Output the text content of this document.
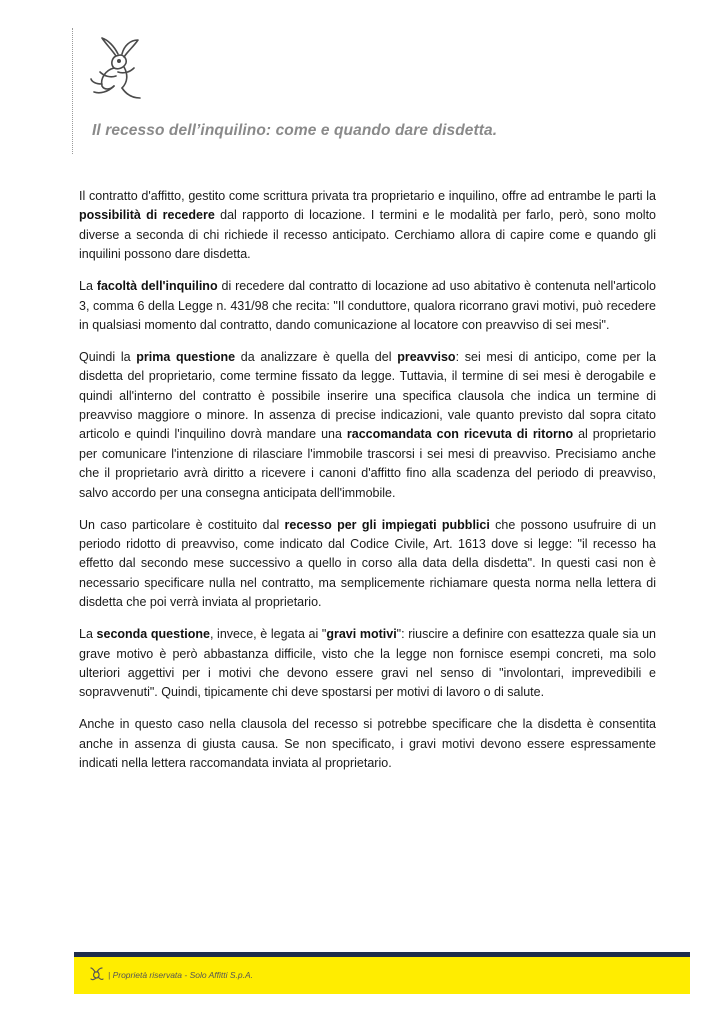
Il recesso dell’inquilino: come e quando dare disdetta.

Il contratto d'affitto, gestito come scrittura privata tra proprietario e inquilino, offre ad entrambe le parti la possibilità di recedere dal rapporto di locazione. I termini e le modalità per farlo, però, sono molto diverse a seconda di chi richiede il recesso anticipato. Cerchiamo allora di capire come e quando gli inquilini possono dare disdetta.

La facoltà dell'inquilino di recedere dal contratto di locazione ad uso abitativo è contenuta nell'articolo 3, comma 6 della Legge n. 431/98 che recita: "Il conduttore, qualora ricorrano gravi motivi, può recedere in qualsiasi momento dal contratto, dando comunicazione al locatore con preavviso di sei mesi".

Quindi la prima questione da analizzare è quella del preavviso: sei mesi di anticipo, come per la disdetta del proprietario, come termine fissato da legge. Tuttavia, il termine di sei mesi è derogabile e quindi all'interno del contratto è possibile inserire una specifica clausola che indica un termine di preavviso maggiore o minore. In assenza di precise indicazioni, vale quanto previsto dal sopra citato articolo e quindi l'inquilino dovrà mandare una raccomandata con ricevuta di ritorno al proprietario per comunicare l'intenzione di rilasciare l'immobile trascorsi i sei mesi di preavviso. Precisiamo anche che il proprietario avrà diritto a ricevere i canoni d'affitto fino alla scadenza del periodo di preavviso, salvo accordo per una consegna anticipata dell'immobile.

Un caso particolare è costituito dal recesso per gli impiegati pubblici che possono usufruire di un periodo ridotto di preavviso, come indicato dal Codice Civile, Art. 1613 dove si legge: "il recesso ha effetto dal secondo mese successivo a quello in corso alla data della disdetta". In questi casi non è necessario specificare nulla nel contratto, ma semplicemente richiamare questa norma nella lettera di disdetta che poi verrà inviata al proprietario.

La seconda questione, invece, è legata ai "gravi motivi": riuscire a definire con esattezza quale sia un grave motivo è però abbastanza difficile, visto che la legge non fornisce esempi concreti, ma solo ulteriori aggettivi per i motivi che devono essere gravi nel senso di "involontari, imprevedibili e sopravvenuti". Quindi, tipicamente chi deve spostarsi per motivi di lavoro o di salute.

Anche in questo caso nella clausola del recesso si potrebbe specificare che la disdetta è consentita anche in assenza di giusta causa. Se non specificato, i gravi motivi devono essere espressamente indicati nella lettera raccomandata inviata al proprietario.

| Proprietà riservata - Solo Affitti S.p.A.
